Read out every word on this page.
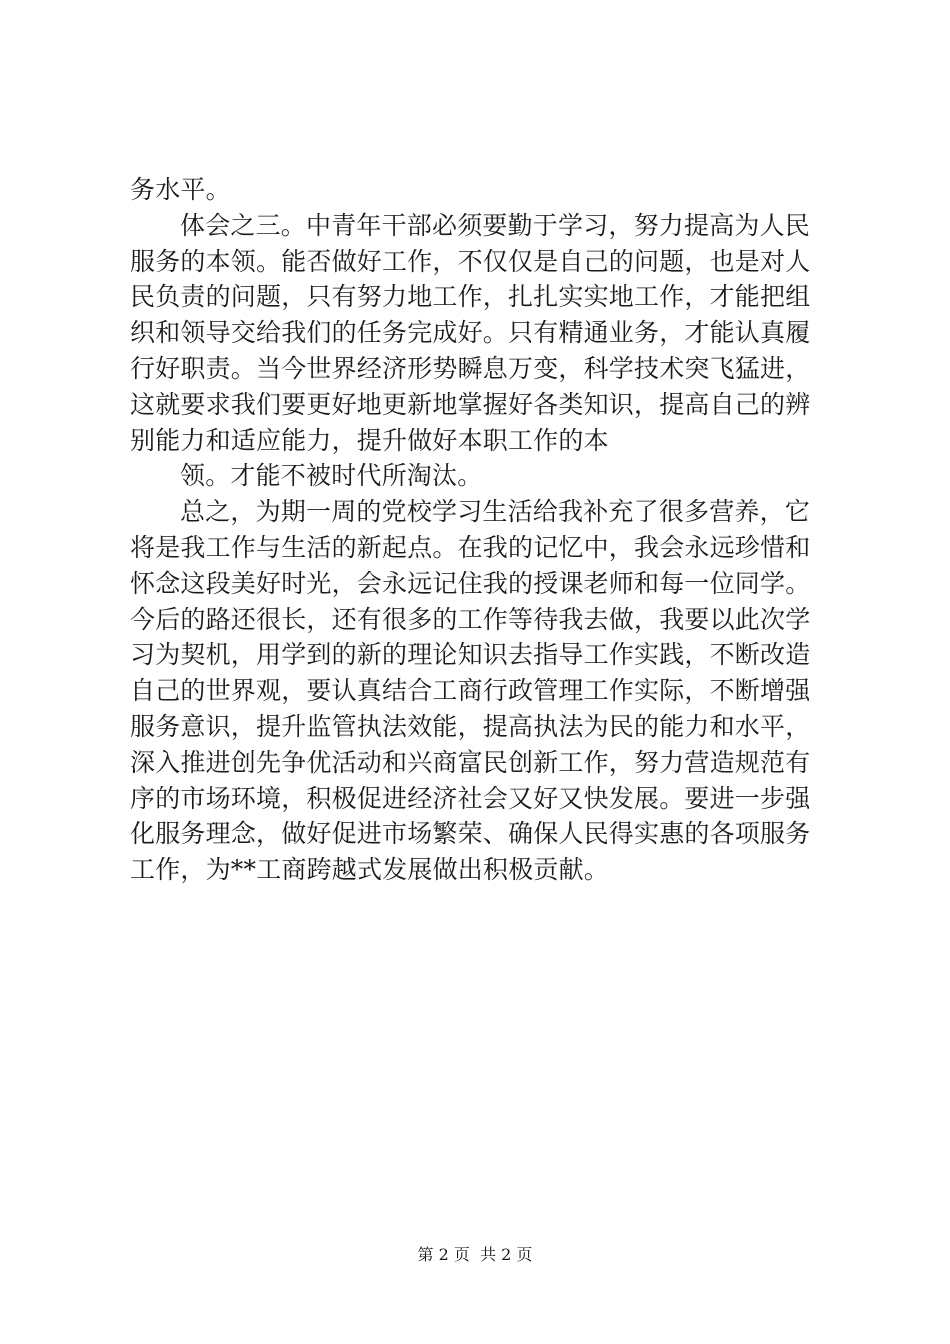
务水平。
体会之三。中青年干部必须要勤于学习，努力提高为人民
服务的本领。能否做好工作，不仅仅是自己的问题，也是对人
民负责的问题，只有努力地工作，扎扎实实地工作，才能把组
织和领导交给我们的任务完成好。只有精通业务，才能认真履
行好职责。当今世界经济形势瞬息万变，科学技术突飞猛进，
这就要求我们要更好地更新地掌握好各类知识，提高自己的辨
别能力和适应能力，提升做好本职工作的本
领。才能不被时代所淘汰。
总之，为期一周的党校学习生活给我补充了很多营养，它
将是我工作与生活的新起点。在我的记忆中，我会永远珍惜和
怀念这段美好时光，会永远记住我的授课老师和每一位同学。
今后的路还很长，还有很多的工作等待我去做，我要以此次学
习为契机，用学到的新的理论知识去指导工作实践，不断改造
自己的世界观，要认真结合工商行政管理工作实际，不断增强
服务意识，提升监管执法效能，提高执法为民的能力和水平，
深入推进创先争优活动和兴商富民创新工作，努力营造规范有
序的市场环境，积极促进经济社会又好又快发展。要进一步强
化服务理念，做好促进市场繁荣、确保人民得实惠的各项服务
工作，为**工商跨越式发展做出积极贡献。
第 2 页  共 2 页
